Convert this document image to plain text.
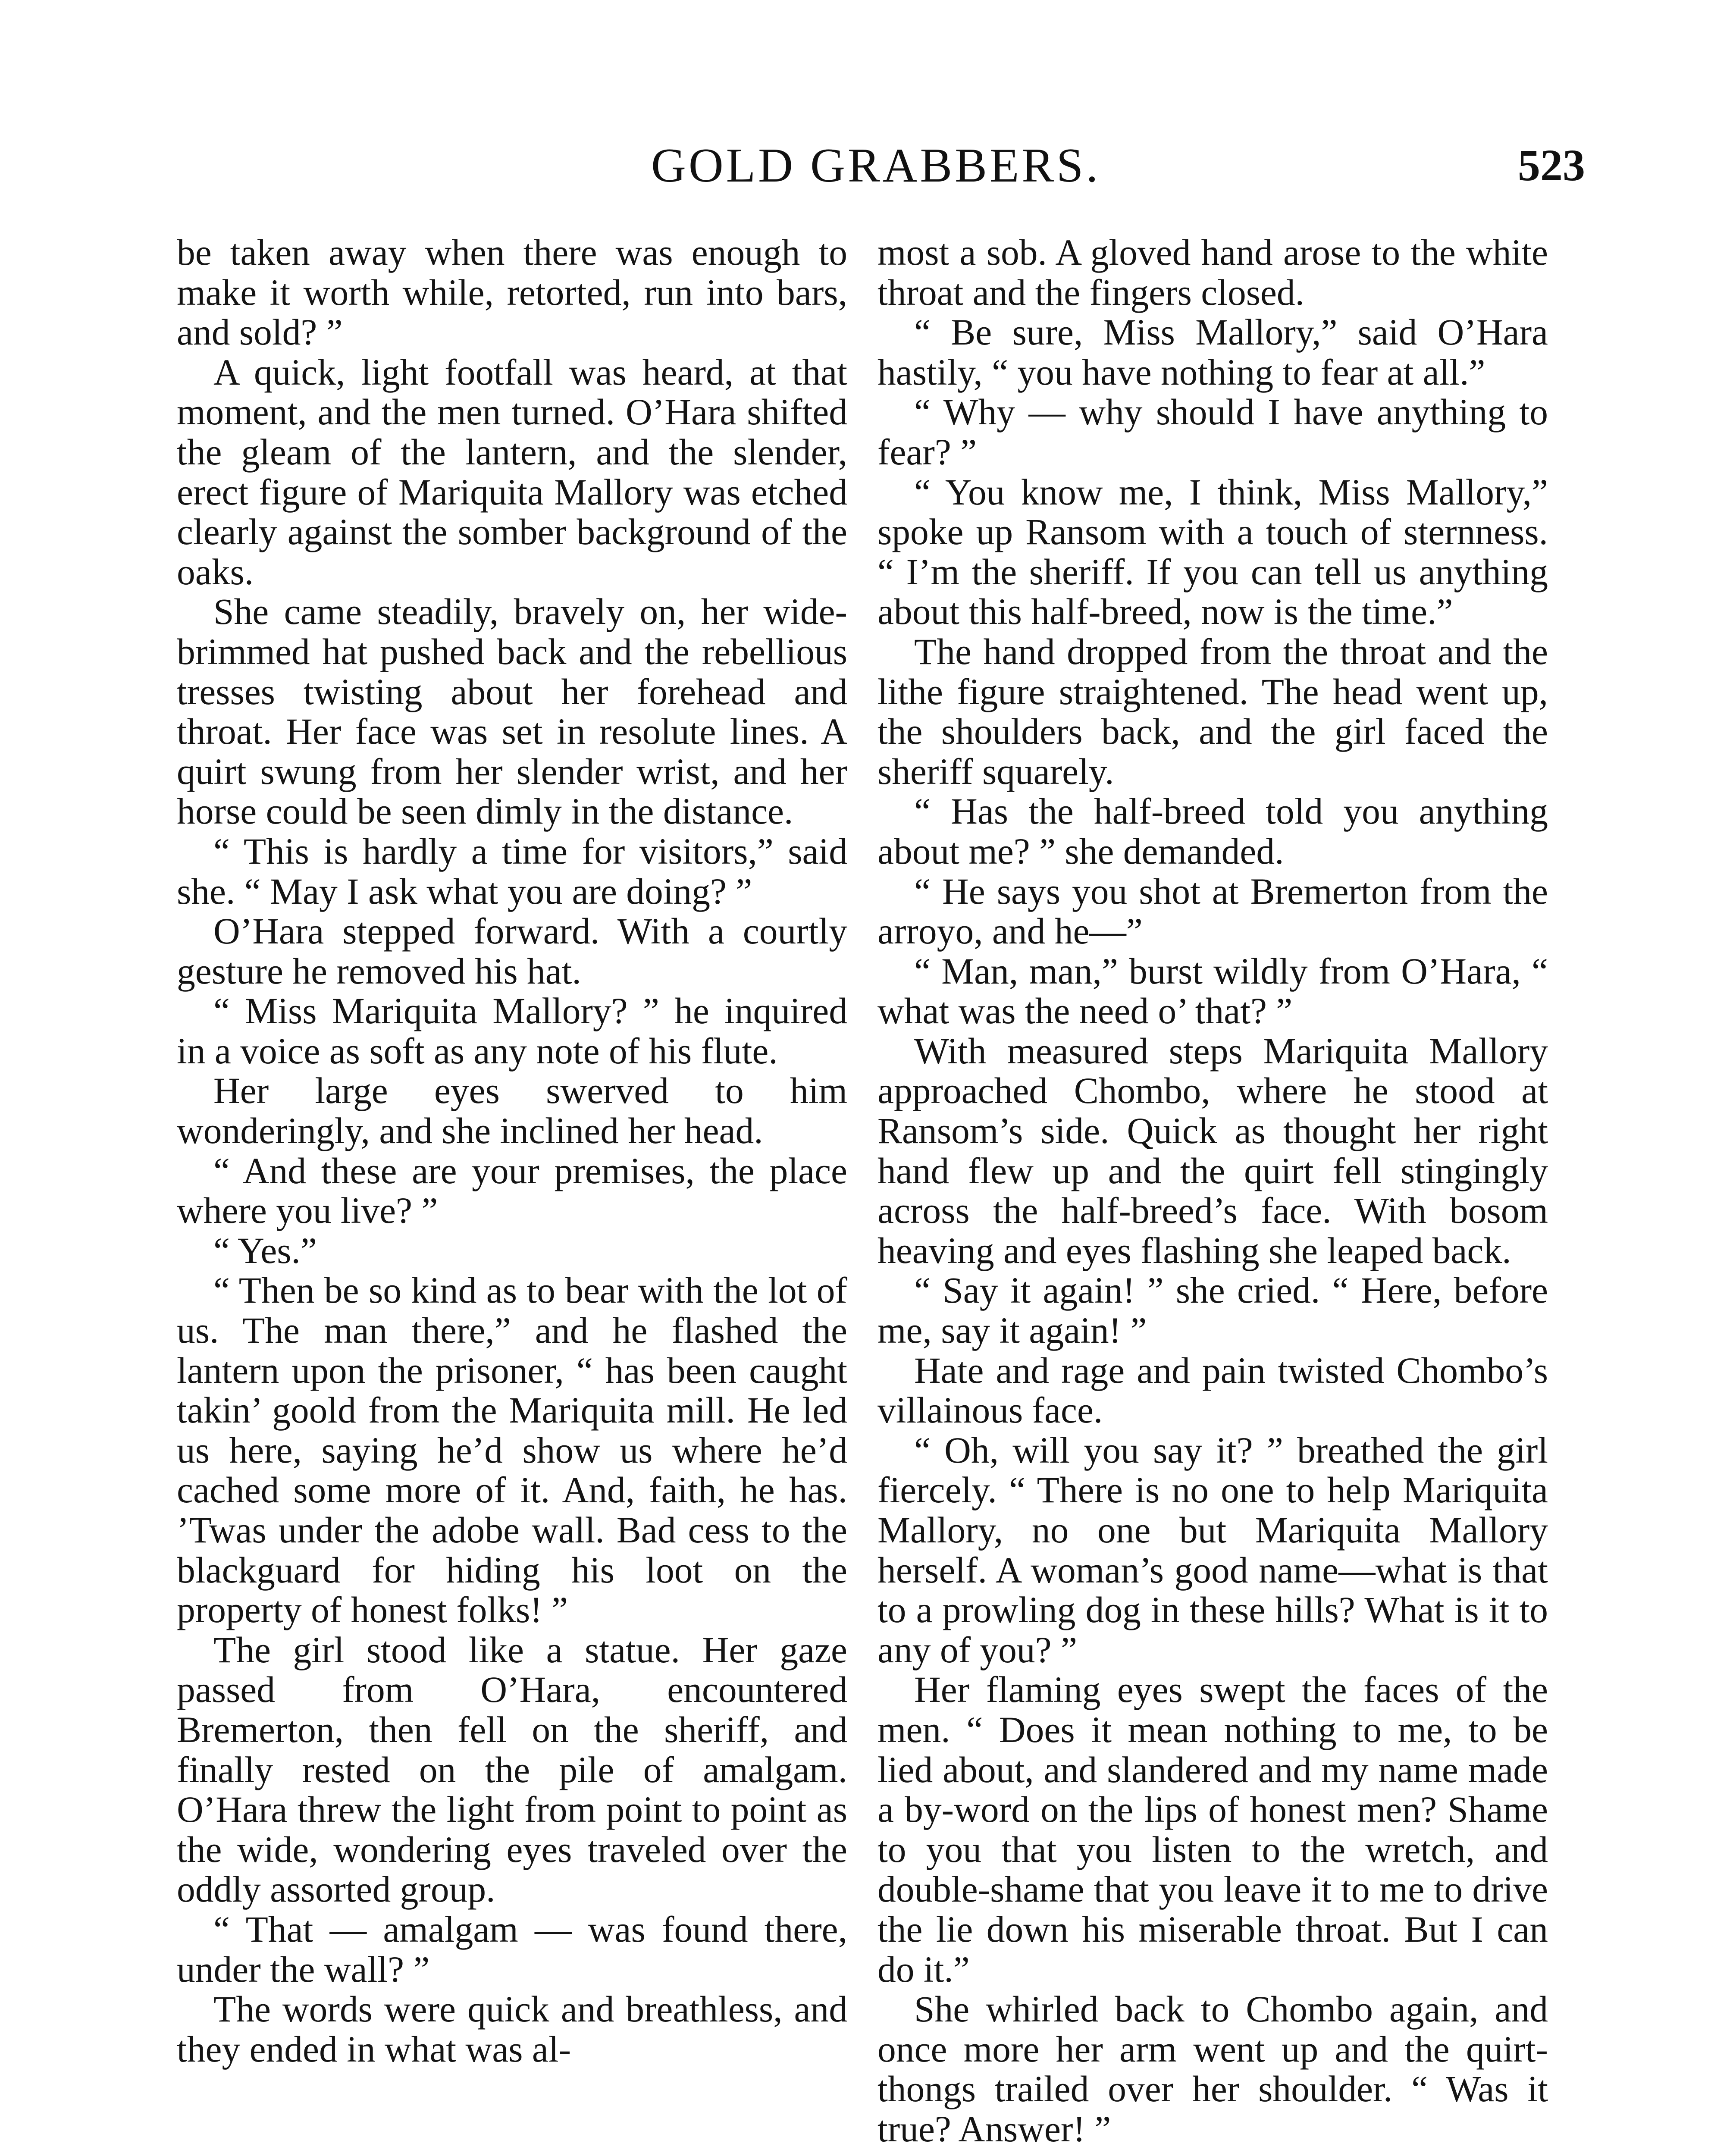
GOLD GRABBERS.	523

be taken away when there was enough to make it worth while, retorted, run into bars, and sold? ”

A quick, light footfall was heard, at that moment, and the men turned. O’Hara shifted the gleam of the lantern, and the slender, erect figure of Mariquita Mallory was etched clearly against the somber background of the oaks.

She came steadily, bravely on, her wide-brimmed hat pushed back and the rebellious tresses twisting about her forehead and throat. Her face was set in resolute lines. A quirt swung from her slender wrist, and her horse could be seen dimly in the distance.

“ This is hardly a time for visitors,” said she. “ May I ask what you are doing? ”

O’Hara stepped forward. With a courtly gesture he removed his hat.

“ Miss Mariquita Mallory? ” he inquired in a voice as soft as any note of his flute.

Her large eyes swerved to him wonderingly, and she inclined her head.

“ And these are your premises, the place where you live? ”

“ Yes.”

“ Then be so kind as to bear with the lot of us. The man there,” and he flashed the lantern upon the prisoner, “ has been caught takin’ goold from the Mariquita mill. He led us here, saying he’d show us where he’d cached some more of it. And, faith, he has. ’Twas under the adobe wall. Bad cess to the blackguard for hiding his loot on the property of honest folks! ”

The girl stood like a statue. Her gaze passed from O’Hara, encountered Bremerton, then fell on the sheriff, and finally rested on the pile of amalgam. O’Hara threw the light from point to point as the wide, wondering eyes traveled over the oddly assorted group.

“ That — amalgam — was found there, under the wall? ”

The words were quick and breathless, and they ended in what was al-

most a sob. A gloved hand arose to the white throat and the fingers closed.

“ Be sure, Miss Mallory,” said O’Hara hastily, “ you have nothing to fear at all.”

“ Why — why should I have anything to fear? ”

“ You know me, I think, Miss Mallory,” spoke up Ransom with a touch of sternness. “ I’m the sheriff. If you can tell us anything about this half-breed, now is the time.”

The hand dropped from the throat and the lithe figure straightened. The head went up, the shoulders back, and the girl faced the sheriff squarely.

“ Has the half-breed told you anything about me? ” she demanded.

“ He says you shot at Bremerton from the arroyo, and he—”

“ Man, man,” burst wildly from O’Hara, “ what was the need o’ that? ”

With measured steps Mariquita Mallory approached Chombo, where he stood at Ransom’s side. Quick as thought her right hand flew up and the quirt fell stingingly across the half-breed’s face. With bosom heaving and eyes flashing she leaped back.

“ Say it again! ” she cried. “ Here, before me, say it again! ”

Hate and rage and pain twisted Chombo’s villainous face.

“ Oh, will you say it? ” breathed the girl fiercely. “ There is no one to help Mariquita Mallory, no one but Mariquita Mallory herself. A woman’s good name—what is that to a prowling dog in these hills? What is it to any of you? ”

Her flaming eyes swept the faces of the men. “ Does it mean nothing to me, to be lied about, and slandered and my name made a by-word on the lips of honest men? Shame to you that you listen to the wretch, and double-shame that you leave it to me to drive the lie down his miserable throat. But I can do it.”

She whirled back to Chombo again, and once more her arm went up and the quirt-thongs trailed over her shoulder. “ Was it true? Answer! ”
